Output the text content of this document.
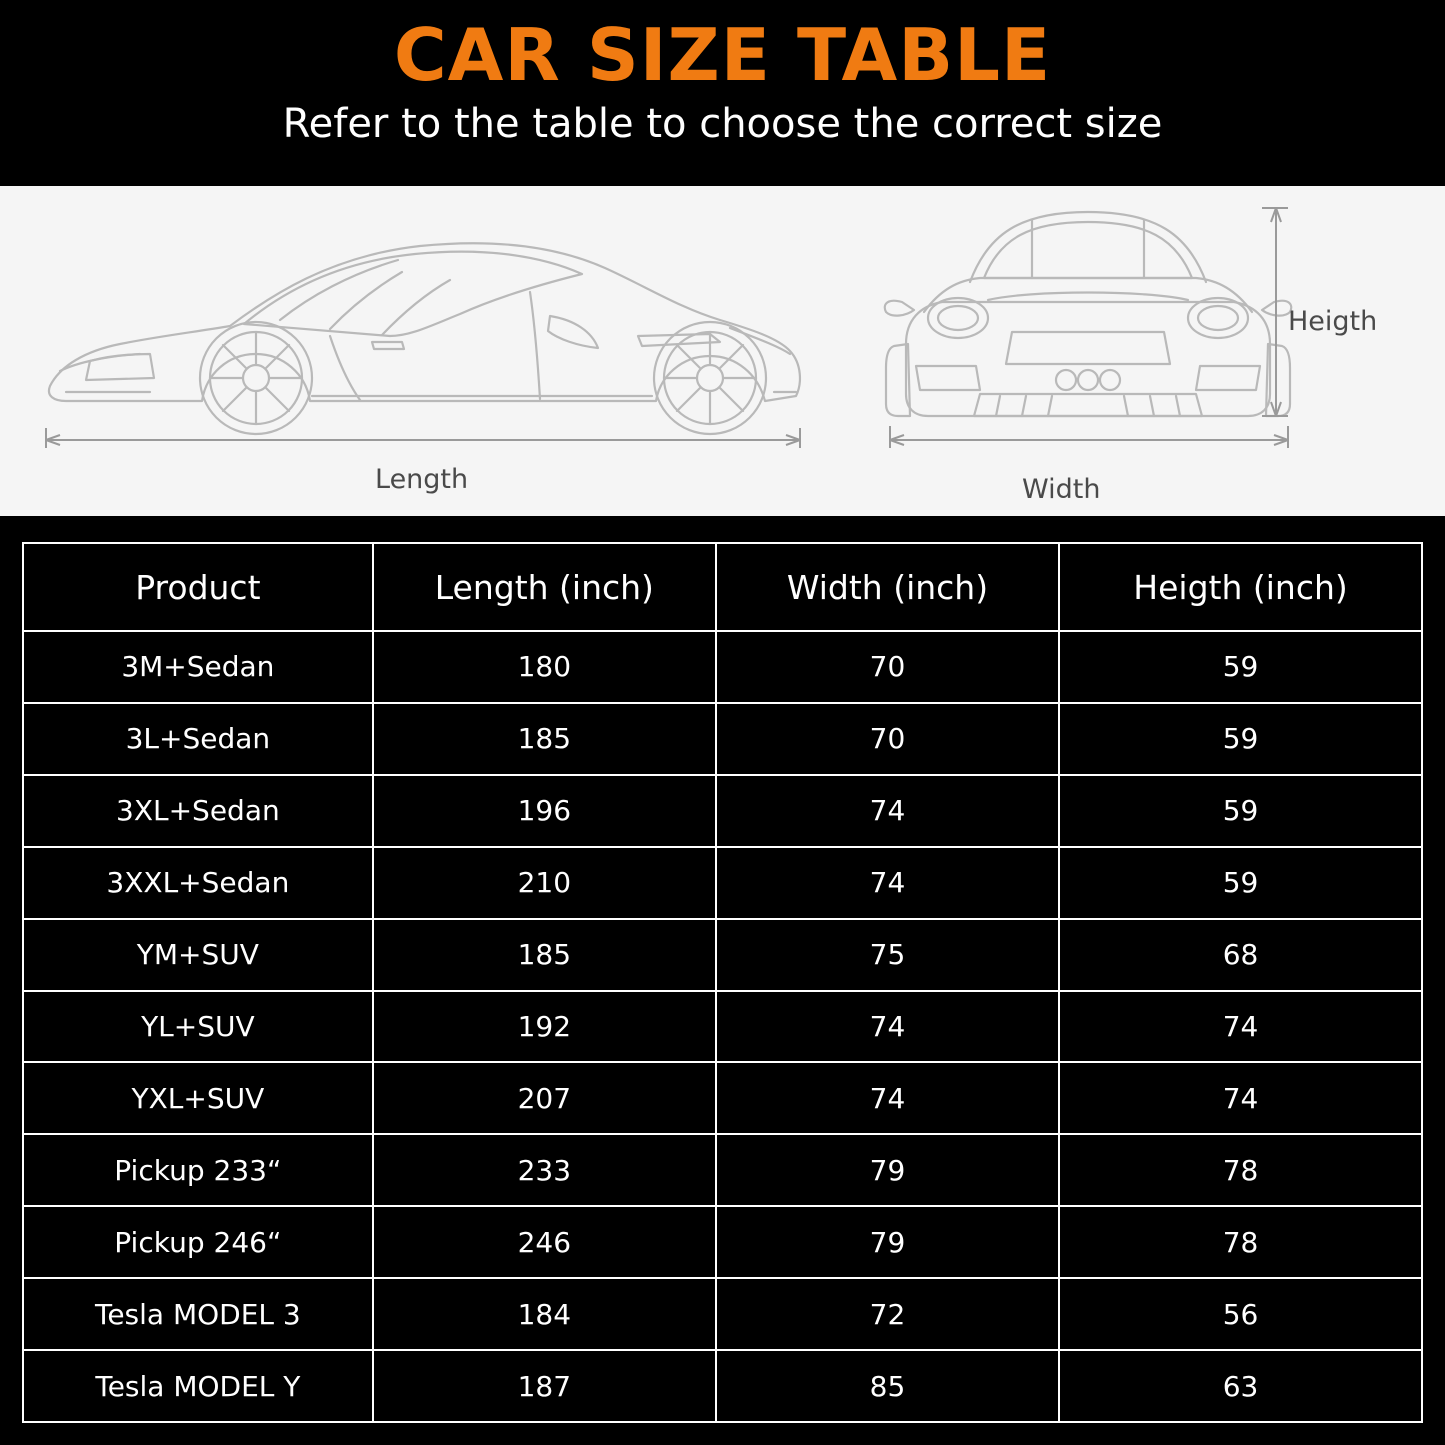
CAR SIZE TABLE
Refer to the table to choose the correct size
Length	Width
Heigth
Product	Length (inch)	Width (inch)	Heigth (inch)
3M+Sedan	180	70	59
3L+Sedan	185	70	59
3XL+Sedan	196	74	59
3XXL+Sedan	210	74	59
YM+SUV	185	75	68
YL+SUV	192	74	74
YXL+SUV	207	74	74
Pickup 233“	233	79	78
Pickup 246“	246	79	78
Tesla MODEL 3	184	72	56
Tesla MODEL Y	187	85	63
